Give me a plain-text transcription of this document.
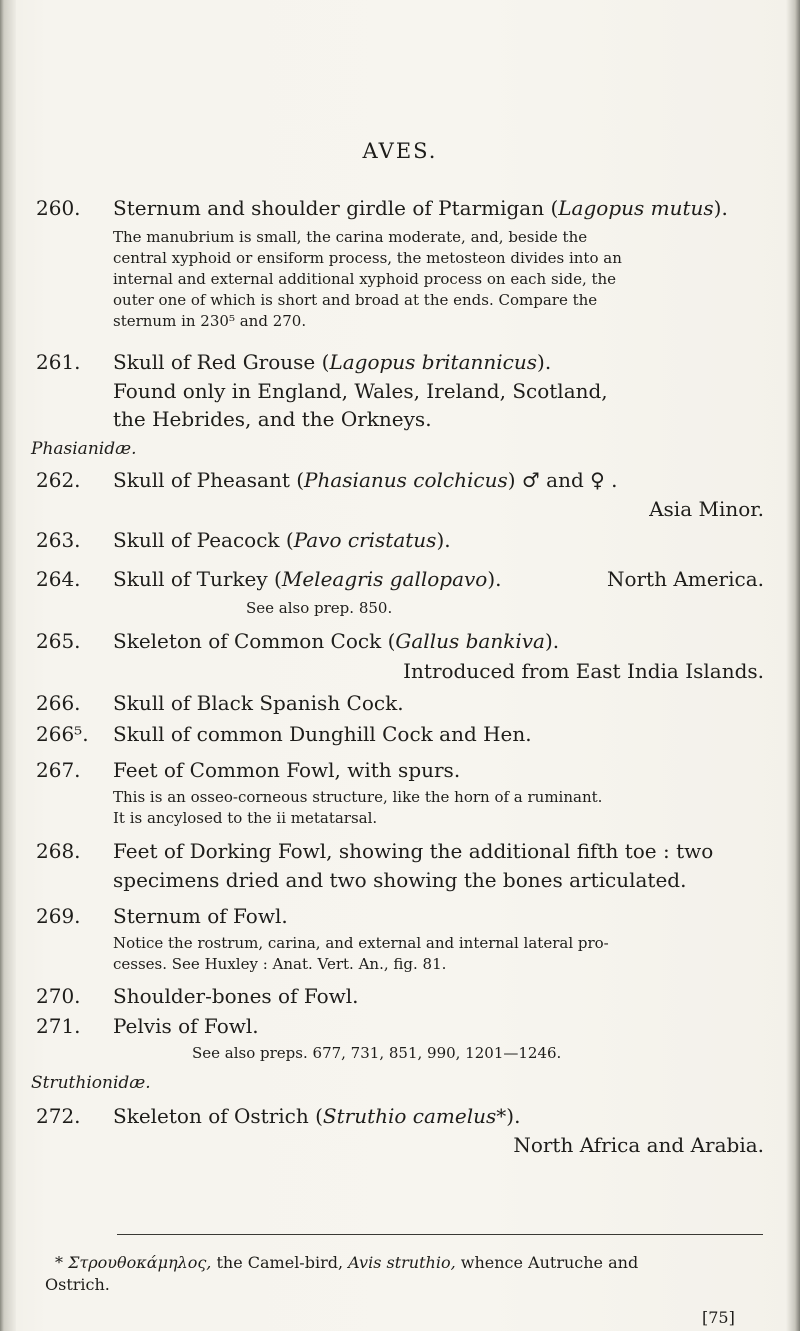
AVES.
260. Sternum and shoulder girdle of Ptarmigan (Lagopus mutus).
The manubrium is small, the carina moderate, and, beside the
central xyphoid or ensiform process, the metosteon divides into an
internal and external additional xyphoid process on each side, the
outer one of which is short and broad at the ends. Compare the
sternum in 230⁵ and 270.
261. Skull of Red Grouse (Lagopus britannicus).
Found only in England, Wales, Ireland, Scotland,
the Hebrides, and the Orkneys.
Phasianidæ.
262. Skull of Pheasant (Phasianus colchicus) ♂ and ♀ .
Asia Minor.
263. Skull of Peacock (Pavo cristatus).
264. Skull of Turkey (Meleagris gallopavo).	North America.
See also prep. 850.
265. Skeleton of Common Cock (Gallus bankiva).
Introduced from East India Islands.
266. Skull of Black Spanish Cock.
266⁵. Skull of common Dunghill Cock and Hen.
267. Feet of Common Fowl, with spurs.
This is an osseo-corneous structure, like the horn of a ruminant.
It is ancylosed to the ii metatarsal.
268. Feet of Dorking Fowl, showing the additional fifth toe : two
specimens dried and two showing the bones articulated.
269. Sternum of Fowl.
Notice the rostrum, carina, and external and internal lateral pro-
cesses. See Huxley : Anat. Vert. An., fig. 81.
270. Shoulder-bones of Fowl.
271. Pelvis of Fowl.
See also preps. 677, 731, 851, 990, 1201—1246.
Struthionidæ.
272. Skeleton of Ostrich (Struthio camelus*).
North Africa and Arabia.
* Στρουθοκάμηλος, the Camel-bird, Avis struthio, whence Autruche and
Ostrich.
[75]
